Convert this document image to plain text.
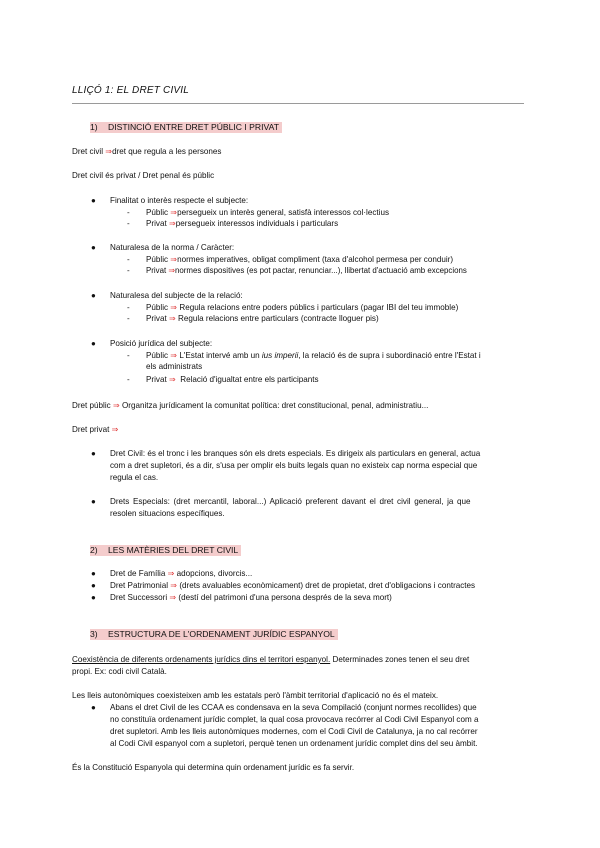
LLIÇÓ 1: EL DRET CIVIL
1) DISTINCIÓ ENTRE DRET PÚBLIC I PRIVAT
Dret civil ⇒dret que regula a les persones
Dret civil és privat / Dret penal és públic
● Finalitat o interès respecte el subjecte:
- Públic ⇒persegueix un interès general, satisfà interessos col·lectius
- Privat ⇒persegueix interessos individuals i particulars
● Naturalesa de la norma / Caràcter:
- Públic ⇒normes imperatives, obligat compliment (taxa d'alcohol permesa per conduir)
- Privat ⇒normes dispositives (es pot pactar, renunciar...), llibertat d'actuació amb excepcions
● Naturalesa del subjecte de la relació:
- Públic ⇒ Regula relacions entre poders públics i particulars (pagar IBI del teu immoble)
- Privat ⇒ Regula relacions entre particulars (contracte lloguer pis)
● Posició jurídica del subjecte:
- Públic ⇒ L'Estat intervé amb un ius imperii, la relació és de supra i subordinació entre l'Estat i
els administrats
- Privat ⇒ Relació d'igualtat entre els participants
Dret públic ⇒ Organitza jurídicament la comunitat política: dret constitucional, penal, administratiu...
Dret privat ⇒
● Dret Civil: és el tronc i les branques són els drets especials. Es dirigeix als particulars en general, actua
com a dret supletori, és a dir, s'usa per omplir els buits legals quan no existeix cap norma especial que
regula el cas.
● Drets Especials: (dret mercantil, laboral...) Aplicació preferent davant el dret civil general, ja que
resolen situacions específiques.
2) LES MATÈRIES DEL DRET CIVIL
● Dret de Família ⇒ adopcions, divorcis...
● Dret Patrimonial ⇒ (drets avaluables econòmicament) dret de propietat, dret d'obligacions i contractes
● Dret Successori ⇒ (destí del patrimoni d'una persona després de la seva mort)
3) ESTRUCTURA DE L'ORDENAMENT JURÍDIC ESPANYOL
Coexistència de diferents ordenaments jurídics dins el territori espanyol. Determinades zones tenen el seu dret
propi. Ex: codi civil Català.
Les lleis autonòmiques coexisteixen amb les estatals però l'àmbit territorial d'aplicació no és el mateix.
● Abans el dret Civil de les CCAA es condensava en la seva Compilació (conjunt normes recollides) que
no constituïa ordenament jurídic complet, la qual cosa provocava recórrer al Codi Civil Espanyol com a
dret supletori. Amb les lleis autonòmiques modernes, com el Codi Civil de Catalunya, ja no cal recórrer
al Codi Civil espanyol com a supletori, perquè tenen un ordenament jurídic complet dins del seu àmbit.
És la Constitució Espanyola qui determina quin ordenament jurídic es fa servir.
